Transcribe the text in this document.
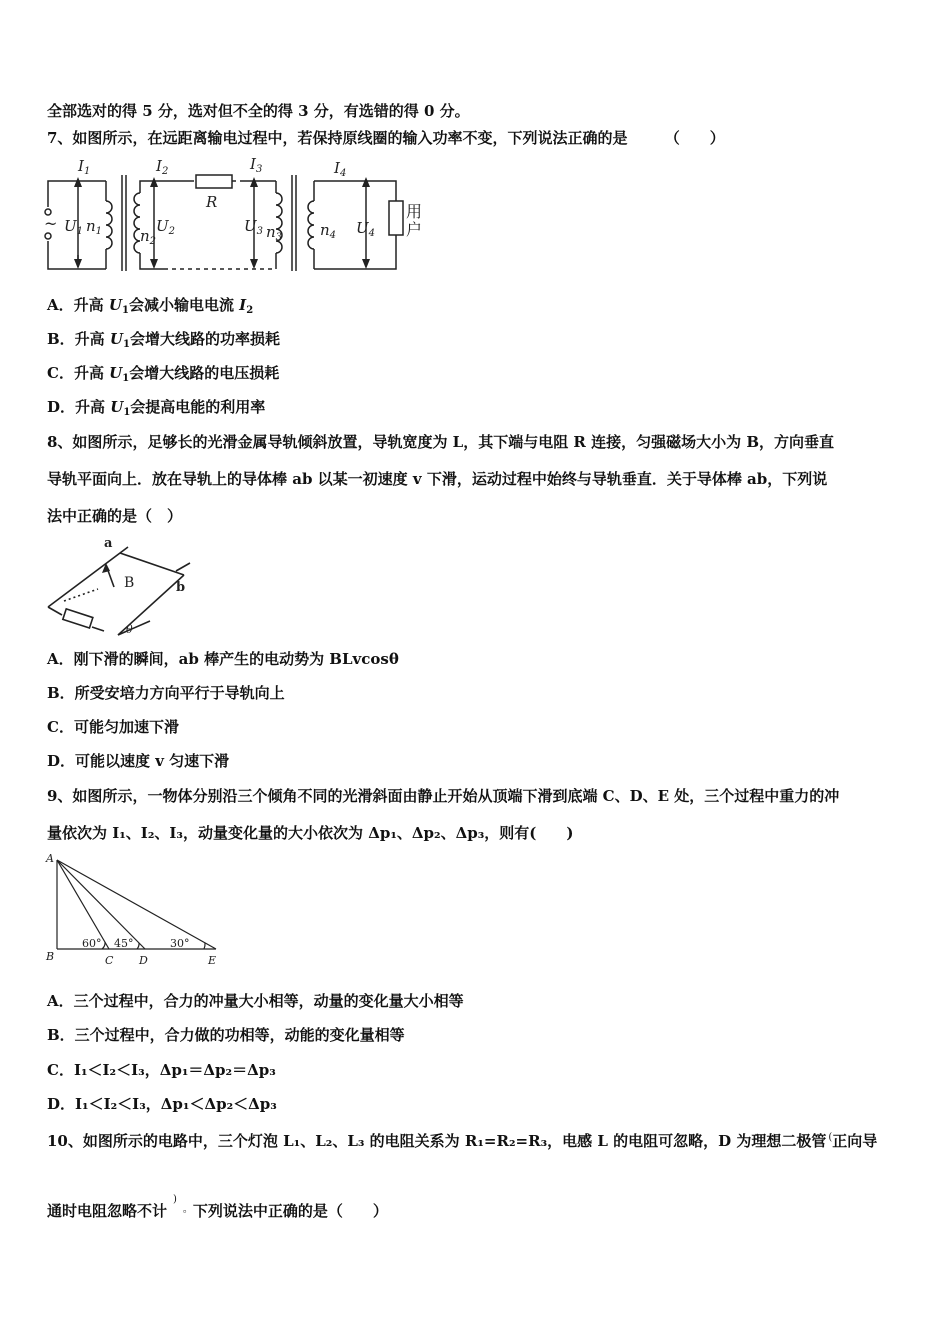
全部选对的得 5 分，选对但不全的得 3 分，有选错的得 0 分。
7、如图所示，在远距离输电过程中，若保持原线圈的输入功率不变，下列说法正确的是 （　　）
$I_1$	$I_2$	$I_3$	$I_4$
$U_1$ $n_1$	$n_2$
$U_2$
R
$U_3$ $n_3$	$n_4$ $U_4$
~
用
户
A．升高 $U_1$会减小输电电流 $I_2$
B．升高 $U_1$会增大线路的功率损耗
C．升高 $U_1$会增大线路的电压损耗
D．升高 $U_1$会提高电能的利用率
8、如图所示，足够长的光滑金属导轨倾斜放置，导轨宽度为 L，其下端与电阻 R 连接，匀强磁场大小为 B，方向垂直
导轨平面向上．放在导轨上的导体棒 ab 以某一初速度 v 下滑，运动过程中始终与导轨垂直．关于导体棒 ab，下列说
法中正确的是（　）
a
b
B
θ
A．刚下滑的瞬间，ab 棒产生的电动势为 BLvcosθ
B．所受安培力方向平行于导轨向上
C．可能匀加速下滑
D．可能以速度 v 匀速下滑
9、如图所示，一物体分别沿三个倾角不同的光滑斜面由静止开始从顶端下滑到底端 C、D、E 处，三个过程中重力的冲
量依次为 I₁、I₂、I₃，动量变化量的大小依次为 Δp₁、Δp₂、Δp₃，则有(　　)
A
B	C D	E
60° 45°	30°
A．三个过程中，合力的冲量大小相等，动量的变化量大小相等
B．三个过程中，合力做的功相等，动能的变化量相等
C．I₁＜I₂＜I₃，Δp₁＝Δp₂＝Δp₃
D．I₁＜I₂＜I₃，Δp₁＜Δp₂＜Δp₃
10、如图所示的电路中，三个灯泡 L₁、L₂、L₃ 的电阻关系为 R₁=R₂=R₃，电感 L 的电阻可忽略，D 为理想二极管 (正向导
通时电阻忽略不计)。下列说法中正确的是（　　）
